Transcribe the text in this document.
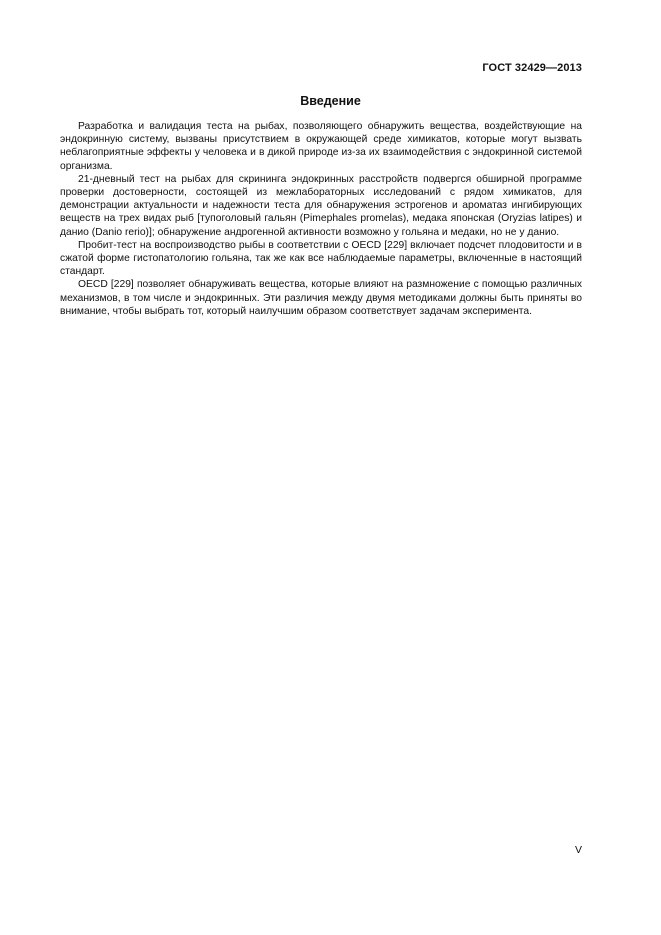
ГОСТ 32429—2013
Введение

Разработка и валидация теста на рыбах, позволяющего обнаружить вещества, воздействующие на эндокринную систему, вызваны присутствием в окружающей среде химикатов, которые могут вызвать неблагоприятные эффекты у человека и в дикой природе из-за их взаимодействия с эндокринной системой организма.

21-дневный тест на рыбах для скрининга эндокринных расстройств подвергся обширной программе проверки достоверности, состоящей из межлабораторных исследований с рядом химикатов, для демонстрации актуальности и надежности теста для обнаружения эстрогенов и ароматаз ингибирующих веществ на трех видах рыб [тупоголовый гальян (Pimephales promelas), медака японская (Oryzias latipes) и данио (Danio rerio)]; обнаружение андрогенной активности возможно у гольяна и медаки, но не у данио.

Пробит-тест на воспроизводство рыбы в соответствии с OECD [229] включает подсчет плодовитости и в сжатой форме гистопатологию гольяна, так же как все наблюдаемые параметры, включенные в настоящий стандарт.

OECD [229] позволяет обнаруживать вещества, которые влияют на размножение с помощью различных механизмов, в том числе и эндокринных. Эти различия между двумя методиками должны быть приняты во внимание, чтобы выбрать тот, который наилучшим образом соответствует задачам эксперимента.

V
